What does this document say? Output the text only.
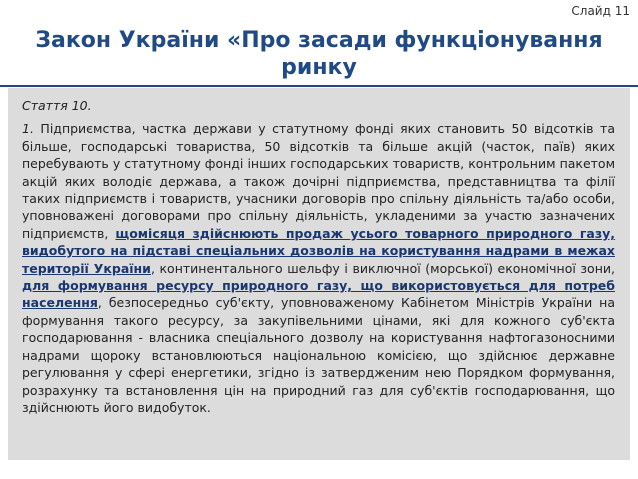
Слайд 11
Закон України «Про засади функціонування ринку

Стаття 10.

1. Підприємства, частка держави у статутному фонді яких становить 50 відсотків та більше, господарські товариства, 50 відсотків та більше акцій (часток, паїв) яких перебувають у статутному фонді інших господарських товариств, контрольним пакетом акцій яких володіє держава, а також дочірні підприємства, представництва та філії таких підприємств і товариств, учасники договорів про спільну діяльність та/або особи, уповноважені договорами про спільну діяльність, укладеними за участю зазначених підприємств, щомісяця здійснюють продаж усього товарного природного газу, видобутого на підставі спеціальних дозволів на користування надрами в межах території України, континентального шельфу і виключної (морської) економічної зони, для формування ресурсу природного газу, що використовується для потреб населення, безпосередньо суб'єкту, уповноваженому Кабінетом Міністрів України на формування такого ресурсу, за закупівельними цінами, які для кожного суб'єкта господарювання - власника спеціального дозволу на користування нафтогазоносними надрами щороку встановлюються національною комісією, що здійснює державне регулювання у сфері енергетики, згідно із затвердженим нею Порядком формування, розрахунку та встановлення цін на природний газ для суб'єктів господарювання, що здійснюють його видобуток.
